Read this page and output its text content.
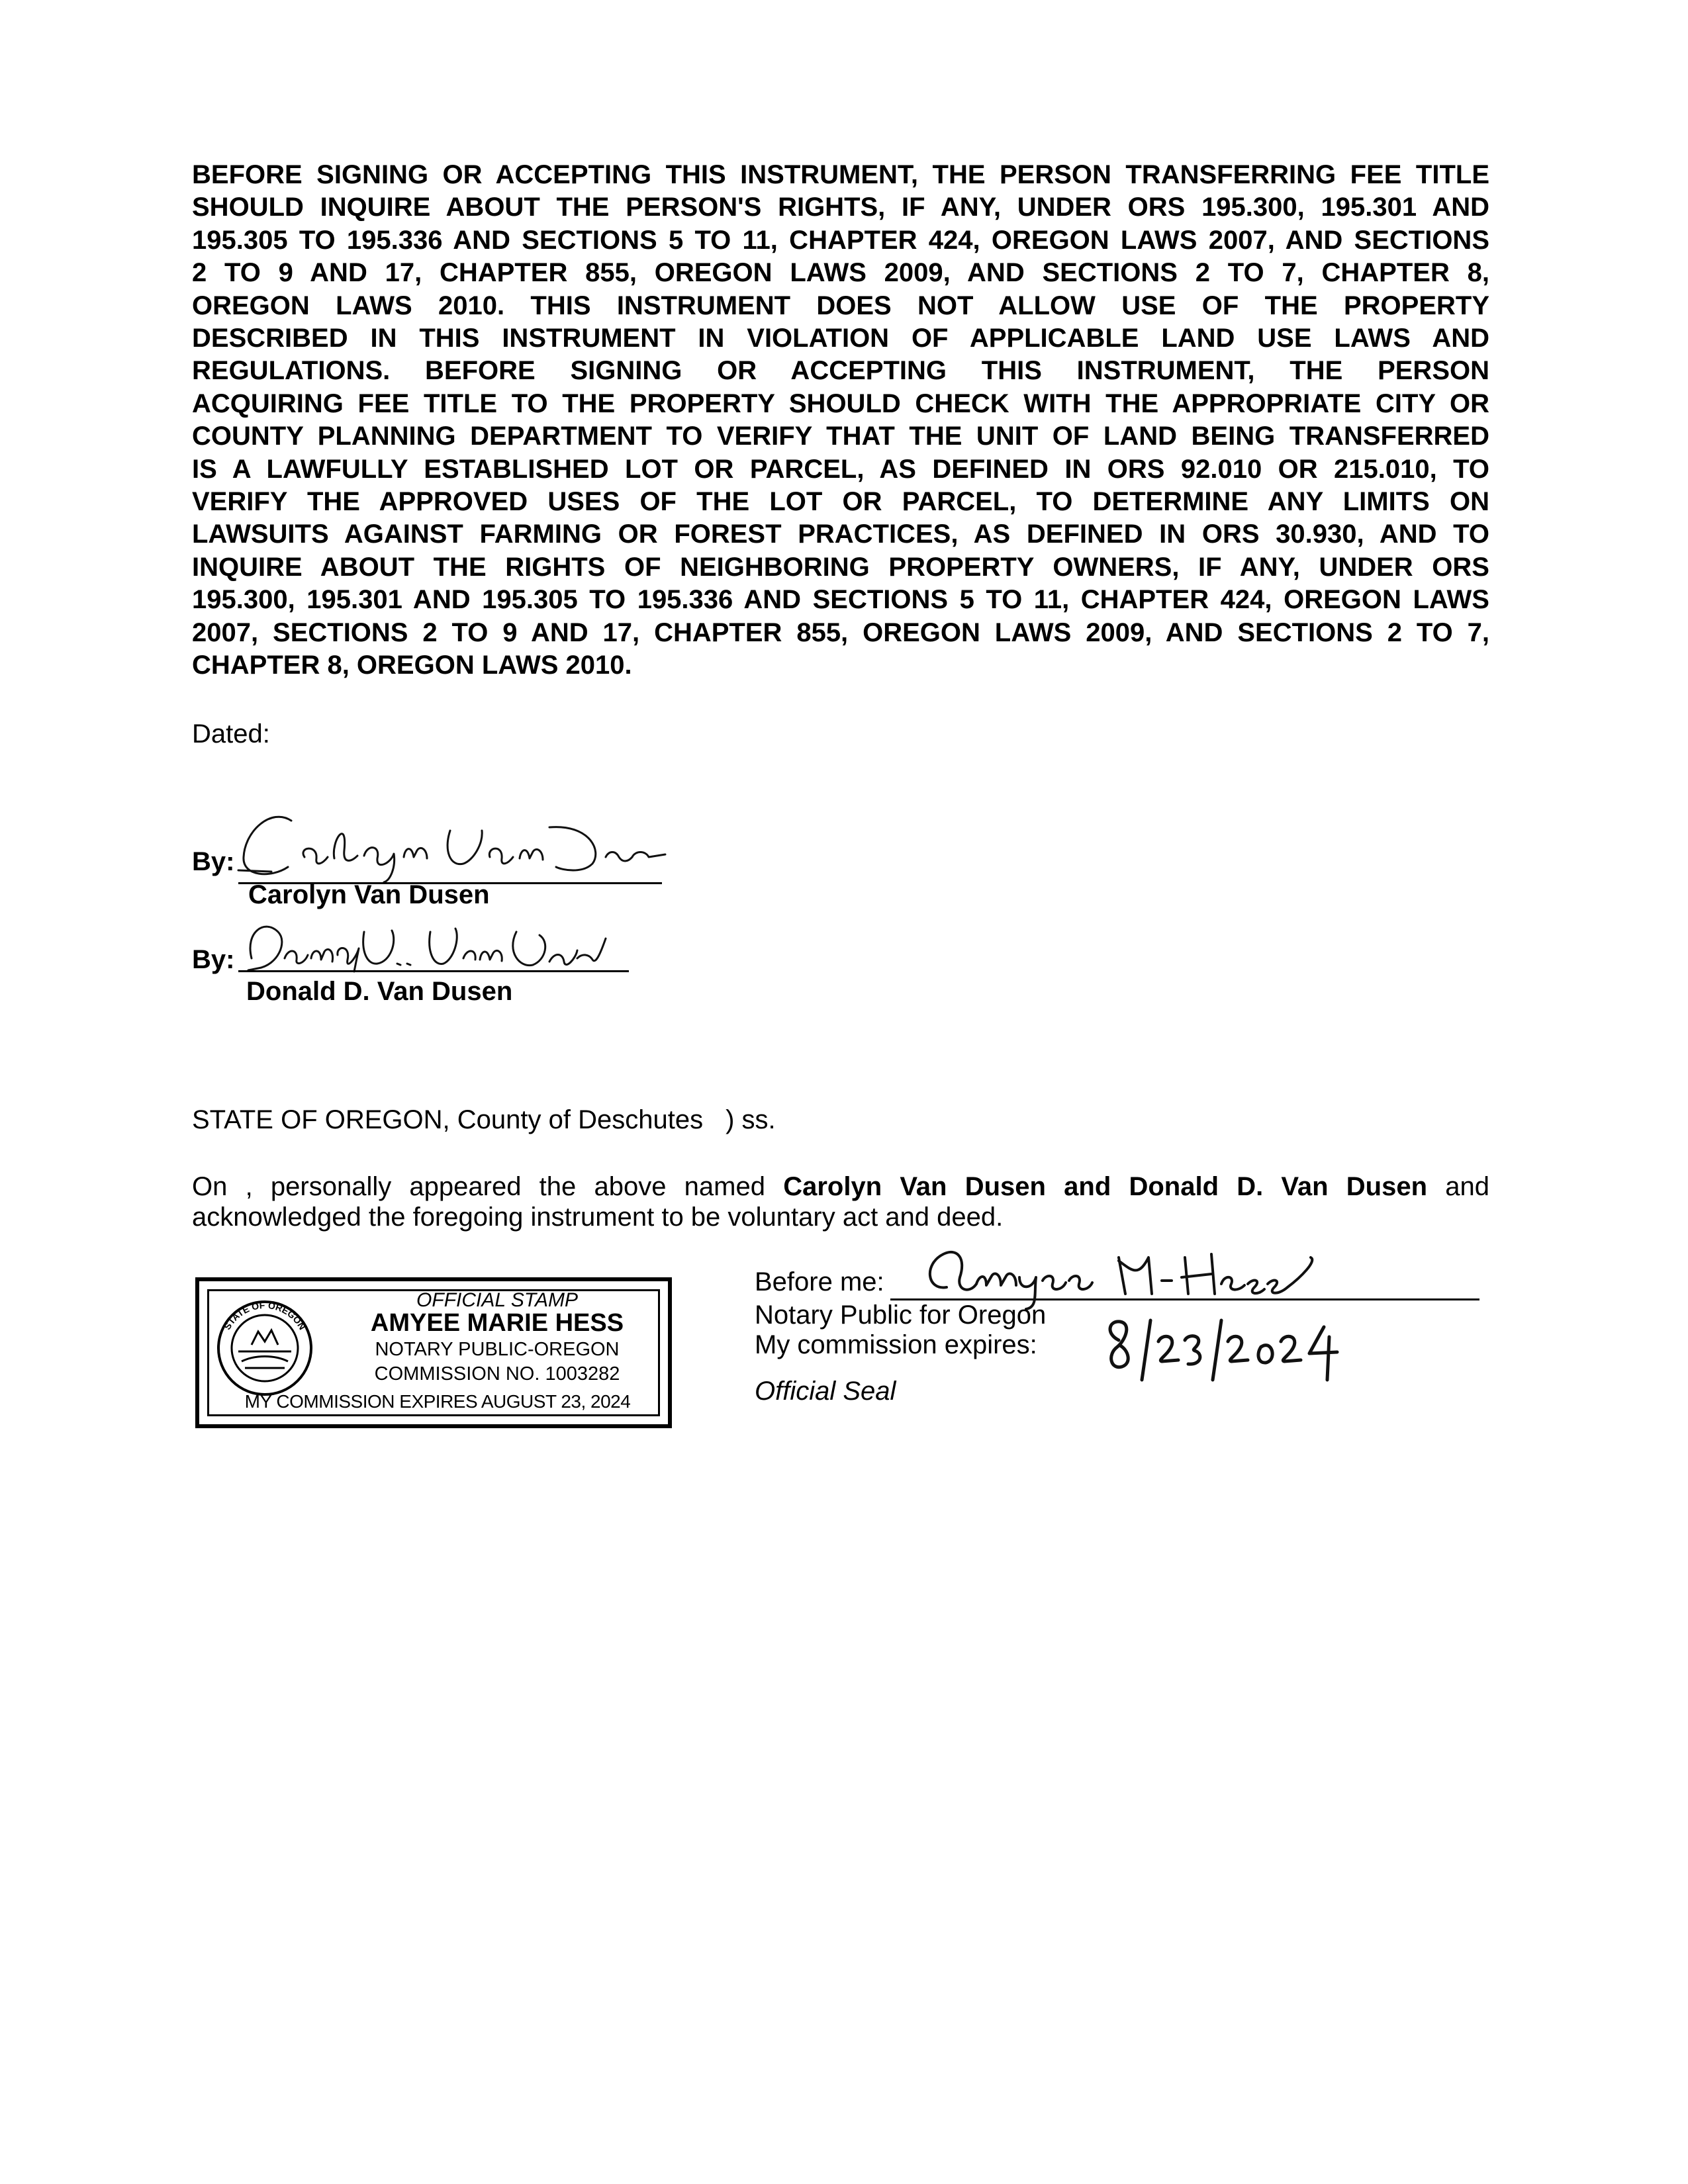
BEFORE SIGNING OR ACCEPTING THIS INSTRUMENT, THE PERSON TRANSFERRING FEE TITLE
SHOULD INQUIRE ABOUT THE PERSON'S RIGHTS, IF ANY, UNDER ORS 195.300, 195.301 AND
195.305 TO 195.336 AND SECTIONS 5 TO 11, CHAPTER 424, OREGON LAWS 2007, AND SECTIONS
2 TO 9 AND 17, CHAPTER 855, OREGON LAWS 2009, AND SECTIONS 2 TO 7, CHAPTER 8,
OREGON LAWS 2010. THIS INSTRUMENT DOES NOT ALLOW USE OF THE PROPERTY
DESCRIBED IN THIS INSTRUMENT IN VIOLATION OF APPLICABLE LAND USE LAWS AND
REGULATIONS. BEFORE SIGNING OR ACCEPTING THIS INSTRUMENT, THE PERSON
ACQUIRING FEE TITLE TO THE PROPERTY SHOULD CHECK WITH THE APPROPRIATE CITY OR
COUNTY PLANNING DEPARTMENT TO VERIFY THAT THE UNIT OF LAND BEING TRANSFERRED
IS A LAWFULLY ESTABLISHED LOT OR PARCEL, AS DEFINED IN ORS 92.010 OR 215.010, TO
VERIFY THE APPROVED USES OF THE LOT OR PARCEL, TO DETERMINE ANY LIMITS ON
LAWSUITS AGAINST FARMING OR FOREST PRACTICES, AS DEFINED IN ORS 30.930, AND TO
INQUIRE ABOUT THE RIGHTS OF NEIGHBORING PROPERTY OWNERS, IF ANY, UNDER ORS
195.300, 195.301 AND 195.305 TO 195.336 AND SECTIONS 5 TO 11, CHAPTER 424, OREGON LAWS
2007, SECTIONS 2 TO 9 AND 17, CHAPTER 855, OREGON LAWS 2009, AND SECTIONS 2 TO 7,
CHAPTER 8, OREGON LAWS 2010.
Dated:
By:
Carolyn Van Dusen
By:
Donald D. Van Dusen
STATE OF OREGON, County of Deschutes ) ss.
On , personally appeared the above named Carolyn Van Dusen and Donald D. Van Dusen and
acknowledged the foregoing instrument to be voluntary act and deed.
STATE OF OREGON
OFFICIAL STAMP
AMYEE MARIE HESS
NOTARY PUBLIC-OREGON
COMMISSION NO. 1003282
MY COMMISSION EXPIRES AUGUST 23, 2024
Before me:
Notary Public for Oregon
My commission expires:
Official Seal
